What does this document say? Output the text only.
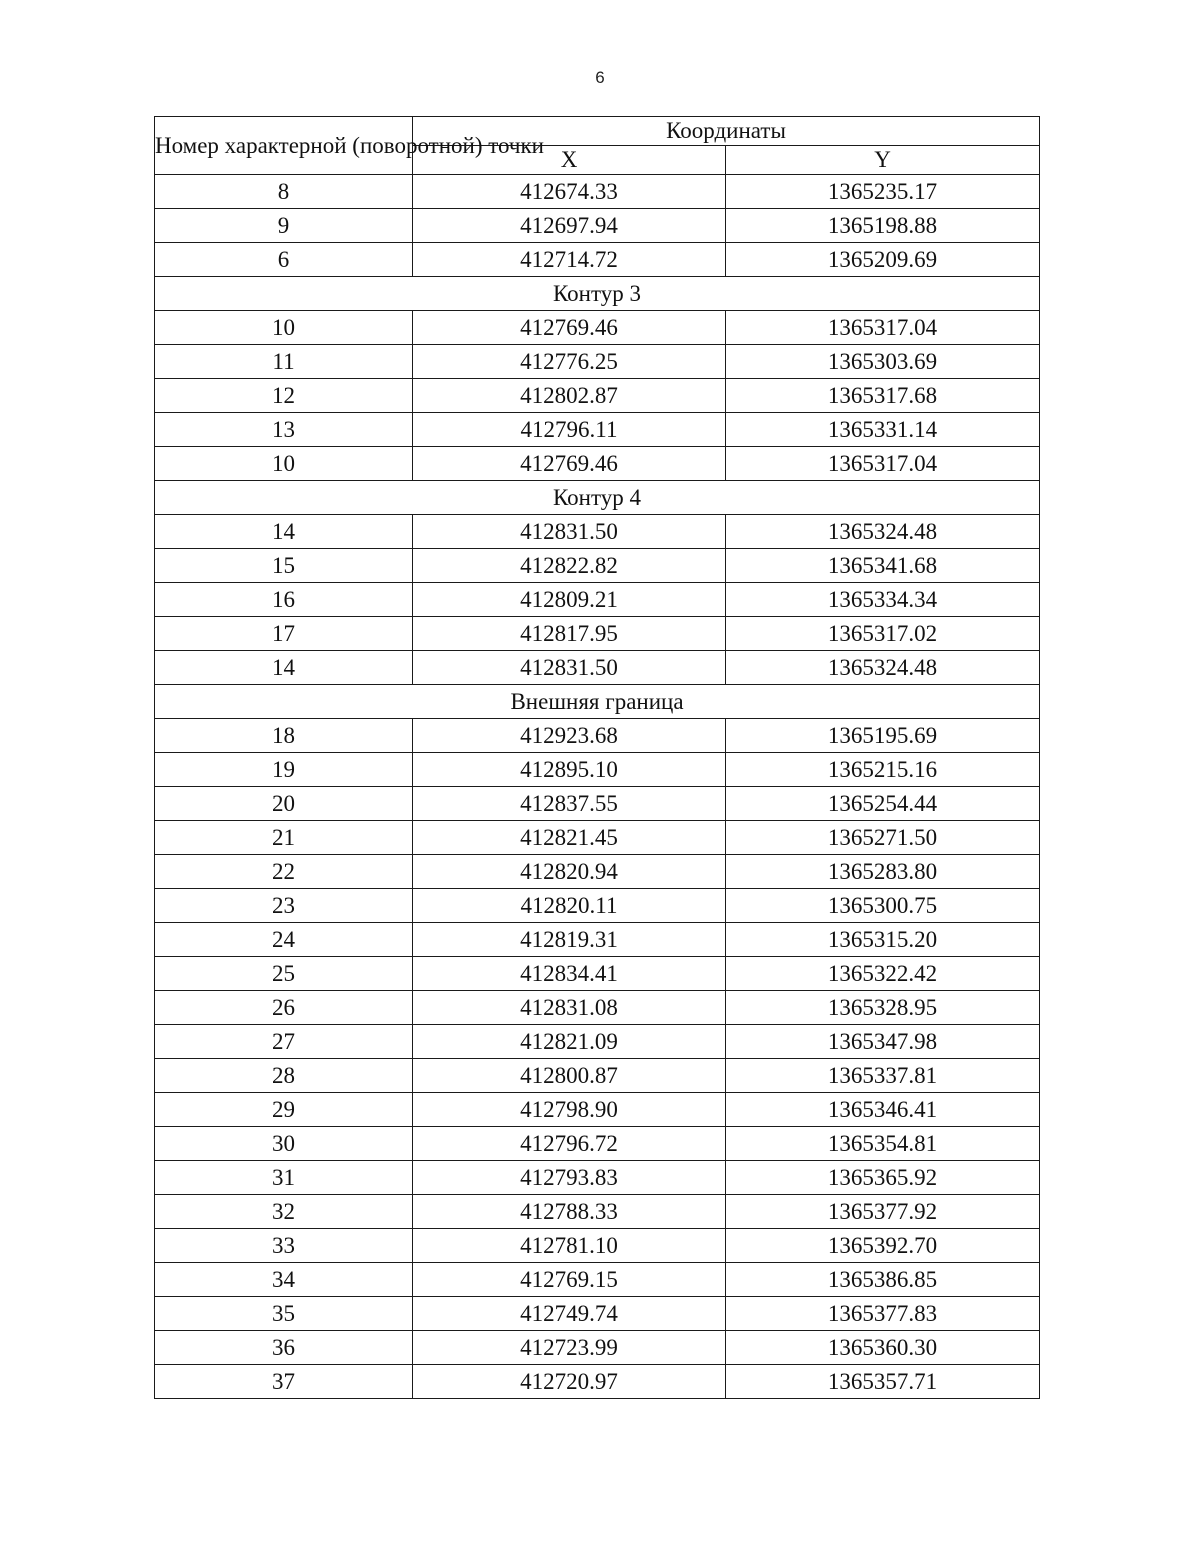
6
Номер характерной (поворотной) точки	Координаты	
	X	Y
8	412674.33	1365235.17
9	412697.94	1365198.88
6	412714.72	1365209.69
Контур 3		
10	412769.46	1365317.04
11	412776.25	1365303.69
12	412802.87	1365317.68
13	412796.11	1365331.14
10	412769.46	1365317.04
Контур 4		
14	412831.50	1365324.48
15	412822.82	1365341.68
16	412809.21	1365334.34
17	412817.95	1365317.02
14	412831.50	1365324.48
Внешняя граница		
18	412923.68	1365195.69
19	412895.10	1365215.16
20	412837.55	1365254.44
21	412821.45	1365271.50
22	412820.94	1365283.80
23	412820.11	1365300.75
24	412819.31	1365315.20
25	412834.41	1365322.42
26	412831.08	1365328.95
27	412821.09	1365347.98
28	412800.87	1365337.81
29	412798.90	1365346.41
30	412796.72	1365354.81
31	412793.83	1365365.92
32	412788.33	1365377.92
33	412781.10	1365392.70
34	412769.15	1365386.85
35	412749.74	1365377.83
36	412723.99	1365360.30
37	412720.97	1365357.71
